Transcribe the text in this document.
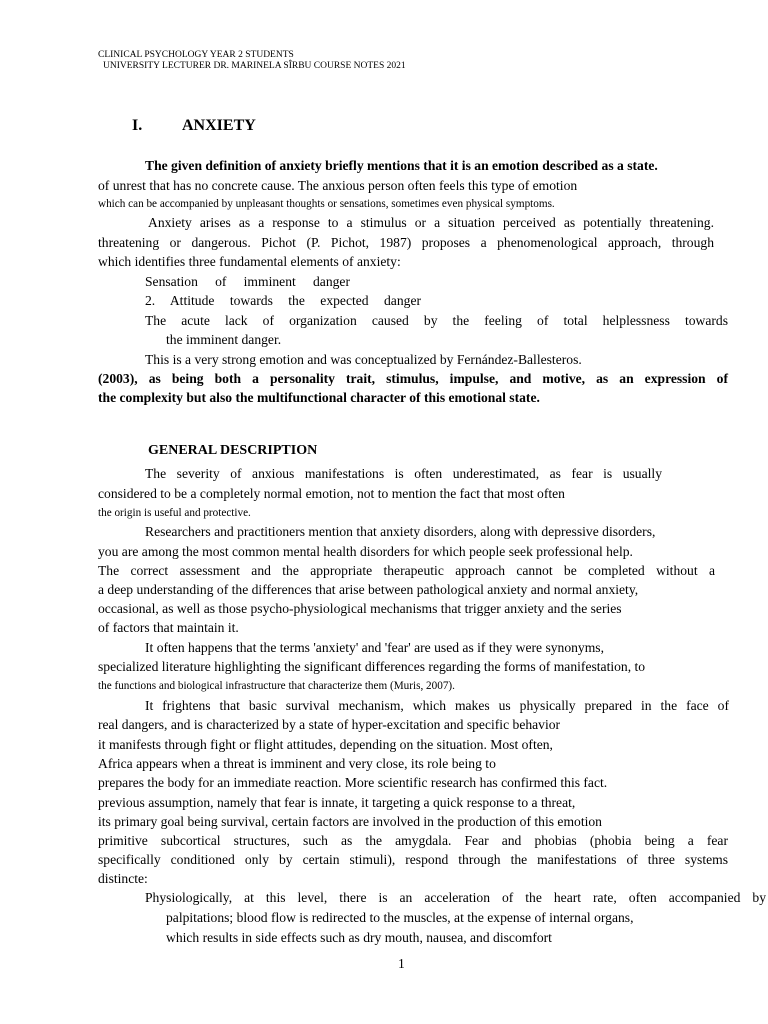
CLINICAL PSYCHOLOGY YEAR 2 STUDENTS
UNIVERSITY LECTURER DR. MARINELA SÎRBU COURSE NOTES 2021
I. ANXIETY
The given definition of anxiety briefly mentions that it is an emotion described as a state.
of unrest that has no concrete cause. The anxious person often feels this type of emotion
which can be accompanied by unpleasant thoughts or sensations, sometimes even physical symptoms.
Anxiety arises as a response to a stimulus or a situation perceived as potentially threatening.
threatening or dangerous. Pichot (P. Pichot, 1987) proposes a phenomenological approach, through
which identifies three fundamental elements of anxiety:
Sensation of imminent danger
2. Attitude towards the expected danger
The acute lack of organization caused by the feeling of total helplessness towards
the imminent danger.
This is a very strong emotion and was conceptualized by Fernández-Ballesteros.
(2003), as being both a personality trait, stimulus, impulse, and motive, as an expression of
the complexity but also the multifunctional character of this emotional state.
GENERAL DESCRIPTION
The severity of anxious manifestations is often underestimated, as fear is usually
considered to be a completely normal emotion, not to mention the fact that most often
the origin is useful and protective.
Researchers and practitioners mention that anxiety disorders, along with depressive disorders,
you are among the most common mental health disorders for which people seek professional help.
The correct assessment and the appropriate therapeutic approach cannot be completed without a
a deep understanding of the differences that arise between pathological anxiety and normal anxiety,
occasional, as well as those psycho-physiological mechanisms that trigger anxiety and the series
of factors that maintain it.
It often happens that the terms 'anxiety' and 'fear' are used as if they were synonyms,
specialized literature highlighting the significant differences regarding the forms of manifestation, to
the functions and biological infrastructure that characterize them (Muris, 2007).
It frightens that basic survival mechanism, which makes us physically prepared in the face of
real dangers, and is characterized by a state of hyper-excitation and specific behavior
it manifests through fight or flight attitudes, depending on the situation. Most often,
Africa appears when a threat is imminent and very close, its role being to
prepares the body for an immediate reaction. More scientific research has confirmed this fact.
previous assumption, namely that fear is innate, it targeting a quick response to a threat,
its primary goal being survival, certain factors are involved in the production of this emotion
primitive subcortical structures, such as the amygdala. Fear and phobias (phobia being a fear
specifically conditioned only by certain stimuli), respond through the manifestations of three systems
distincte:
Physiologically, at this level, there is an acceleration of the heart rate, often accompanied by
palpitations; blood flow is redirected to the muscles, at the expense of internal organs,
which results in side effects such as dry mouth, nausea, and discomfort
1
